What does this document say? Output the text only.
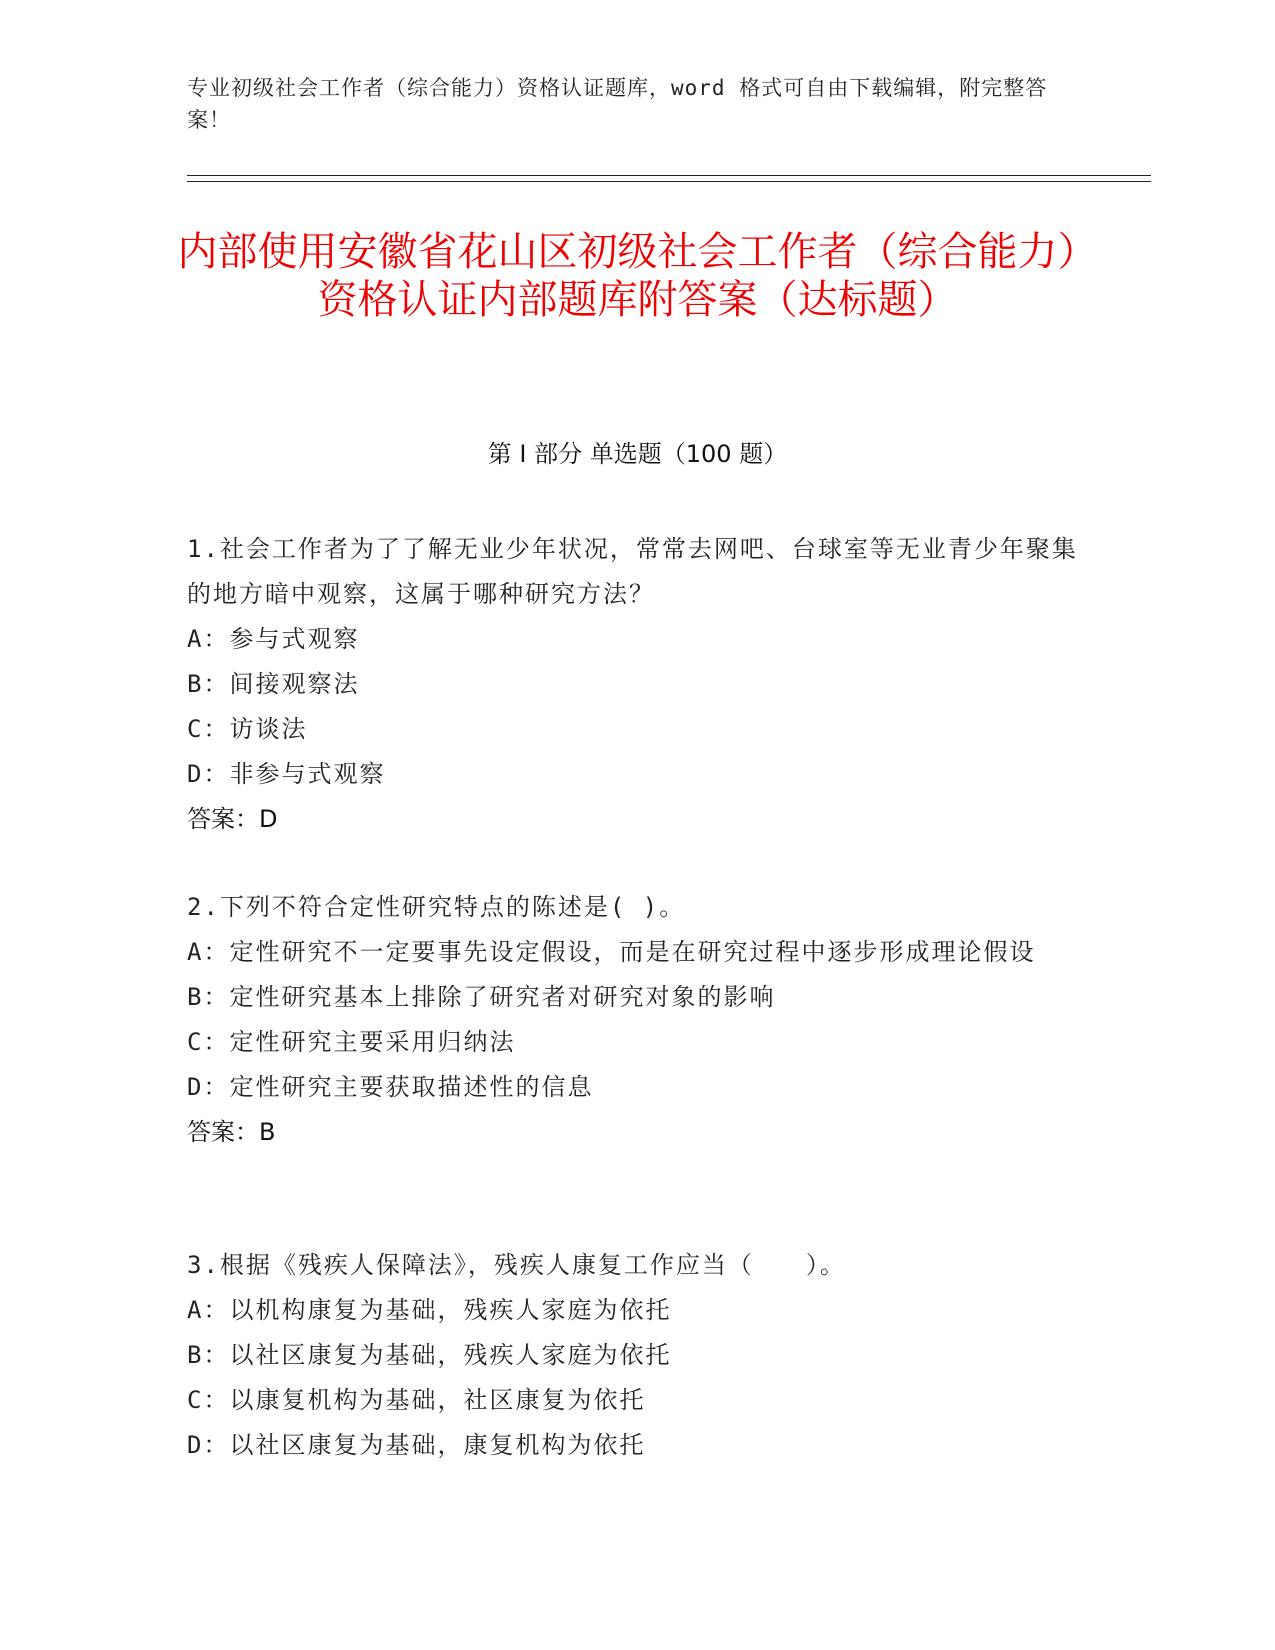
专业初级社会工作者（综合能力）资格认证题库，word 格式可自由下载编辑，附完整答案！
内部使用安徽省花山区初级社会工作者（综合能力）资格认证内部题库附答案（达标题）
第 I 部分 单选题（100 题）
1.社会工作者为了了解无业少年状况，常常去网吧、台球室等无业青少年聚集的地方暗中观察，这属于哪种研究方法？
A：参与式观察
B：间接观察法
C：访谈法
D：非参与式观察
答案：D
2.下列不符合定性研究特点的陈述是( )。
A：定性研究不一定要事先设定假设，而是在研究过程中逐步形成理论假设
B：定性研究基本上排除了研究者对研究对象的影响
C：定性研究主要采用归纳法
D：定性研究主要获取描述性的信息
答案：B
3.根据《残疾人保障法》，残疾人康复工作应当（　　）。
A：以机构康复为基础，残疾人家庭为依托
B：以社区康复为基础，残疾人家庭为依托
C：以康复机构为基础，社区康复为依托
D：以社区康复为基础，康复机构为依托
